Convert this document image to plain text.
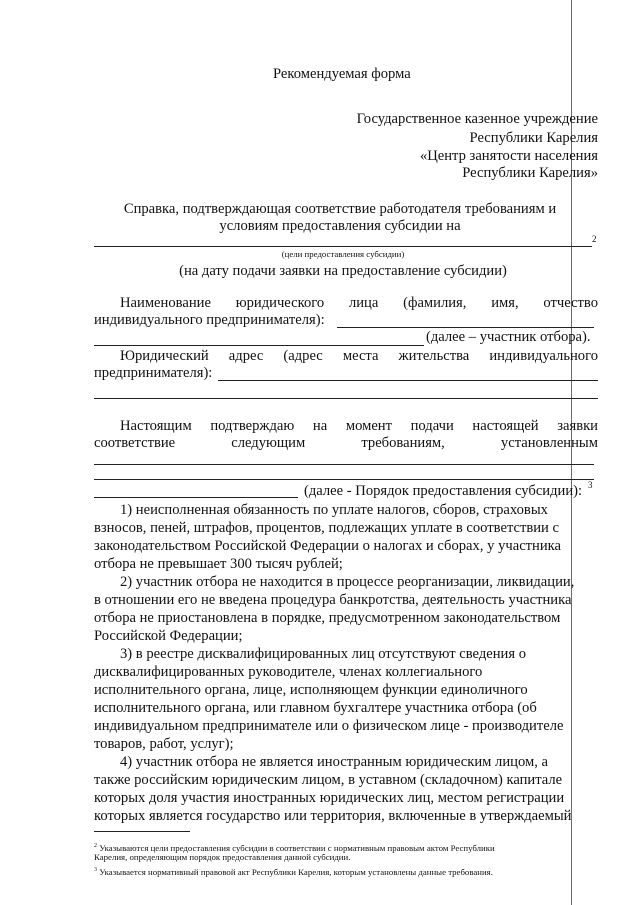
Рекомендуемая форма
Государственное казенное учреждение
Республики Карелия
«Центр занятости населения
Республики Карелия»
Справка, подтверждающая соответствие работодателя требованиям и
условиям предоставления субсидии на
2
(цели предоставления субсидии)
(на дату подачи заявки на предоставление субсидии)
Наименование юридического лица (фамилия, имя, отчество
индивидуального предпринимателя):
(далее – участник отбора).
Юридический адрес (адрес места жительства индивидуального
предпринимателя):
Настоящим подтверждаю на момент подачи настоящей заявки
соответствие	следующим	требованиям,	установленным
(далее - Порядок предоставления субсидии): 3
1) неисполненная обязанность по уплате налогов, сборов, страховых
взносов, пеней, штрафов, процентов, подлежащих уплате в соответствии с
законодательством Российской Федерации о налогах и сборах, у участника
отбора не превышает 300 тысяч рублей;
2) участник отбора не находится в процессе реорганизации, ликвидации,
в отношении его не введена процедура банкротства, деятельность участника
отбора не приостановлена в порядке, предусмотренном законодательством
Российской Федерации;
3) в реестре дисквалифицированных лиц отсутствуют сведения о
дисквалифицированных руководителе, членах коллегиального
исполнительного органа, лице, исполняющем функции единоличного
исполнительного органа, или главном бухгалтере участника отбора (об
индивидуальном предпринимателе или о физическом лице - производителе
товаров, работ, услуг);
4) участник отбора не является иностранным юридическим лицом, а
также российским юридическим лицом, в уставном (складочном) капитале
которых доля участия иностранных юридических лиц, местом регистрации
которых является государство или территория, включенные в утверждаемый
$^2$ Указываются цели предоставления субсидии в соответствии с нормативным правовым актом Республики
Карелия, определяющим порядок предоставления данной субсидии.
$^3$ Указывается нормативный правовой акт Республики Карелия, которым установлены данные требования.
